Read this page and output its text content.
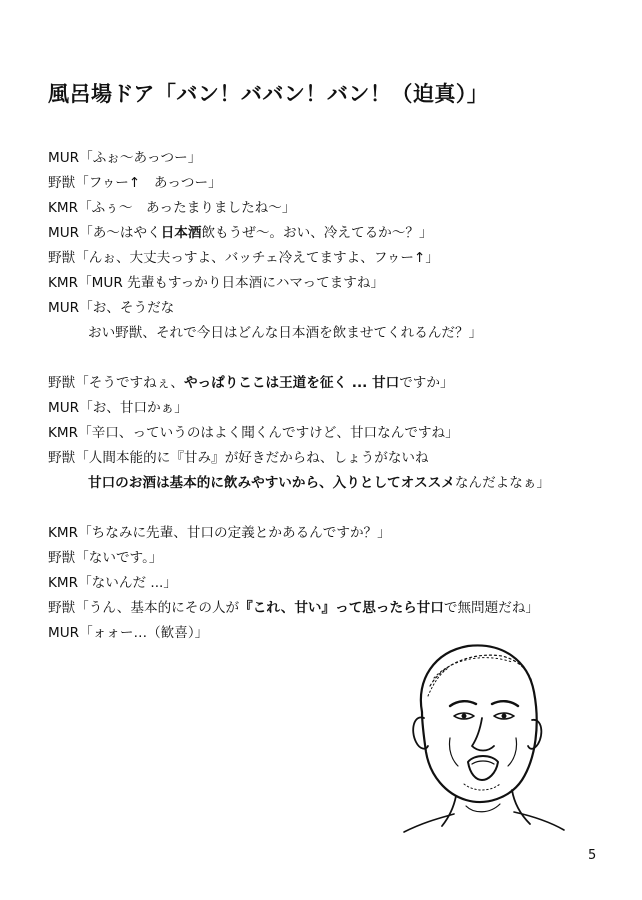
風呂場ドア「バン！ババン！バン！（迫真）」
MUR「ふぉ〜あっつー」
野獣「フゥー↑　あっつー」
KMR「ふぅ〜　あったまりましたね〜」
MUR「あ〜はやく日本酒飲もうぜ〜。おい、冷えてるか〜？」
野獣「んぉ、大丈夫っすよ、バッチェ冷えてますよ、フゥー↑」
KMR「MUR 先輩もすっかり日本酒にハマってますね」
MUR「お、そうだな
おい野獣、それで今日はどんな日本酒を飲ませてくれるんだ？」
野獣「そうですねぇ、やっぱりここは王道を征く ... 甘口ですか」
MUR「お、甘口かぁ」
KMR「辛口、っていうのはよく聞くんですけど、甘口なんですね」
野獣「人間本能的に『甘み』が好きだからね、しょうがないね
甘口のお酒は基本的に飲みやすいから、入りとしてオススメなんだよなぁ」
KMR「ちなみに先輩、甘口の定義とかあるんですか？」
野獣「ないです。」
KMR「ないんだ ...」
野獣「うん、基本的にその人が『これ、甘い』って思ったら甘口で無問題だね」
MUR「ォォー…（歓喜）」
5
